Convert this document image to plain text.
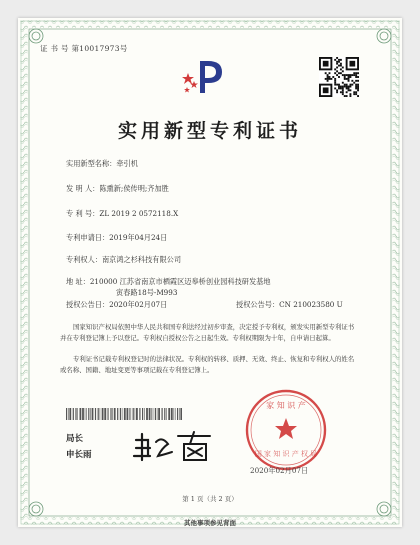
证 书 号 第10017973号
实用新型专利证书
实用新型名称：牵引机
发 明 人：陈熏新;侯传明;齐加胜
专 利 号：ZL 2019 2 0572118.X
专利申请日：2019年04月24日
专利权人：南京鸿之杉科技有限公司
地 址：210000 江苏省南京市栖霞区迈皋桥创业园科技研发基地
寅春路18号-M993
授权公告日：2020年02月07日	授权公告号：CN 210023580 U
国家知识产权局依照中华人民共和国专利法经过初步审查，决定授予专利权，颁发实用新型专利证书并在专利登记簿上予以登记。专利权自授权公告之日起生效。专利权期限为十年，自申请日起算。
专利证书记载专利权登记时的法律状况。专利权的转移、质押、无效、终止、恢复和专利权人的姓名或名称、国籍、地址变更等事项记载在专利登记簿上。
局长
申长雨
家 知 识 产
国 家 知 识 产 权 局
2020年02月07日
第 1 页（共 2 页）
其他事项参见背面
